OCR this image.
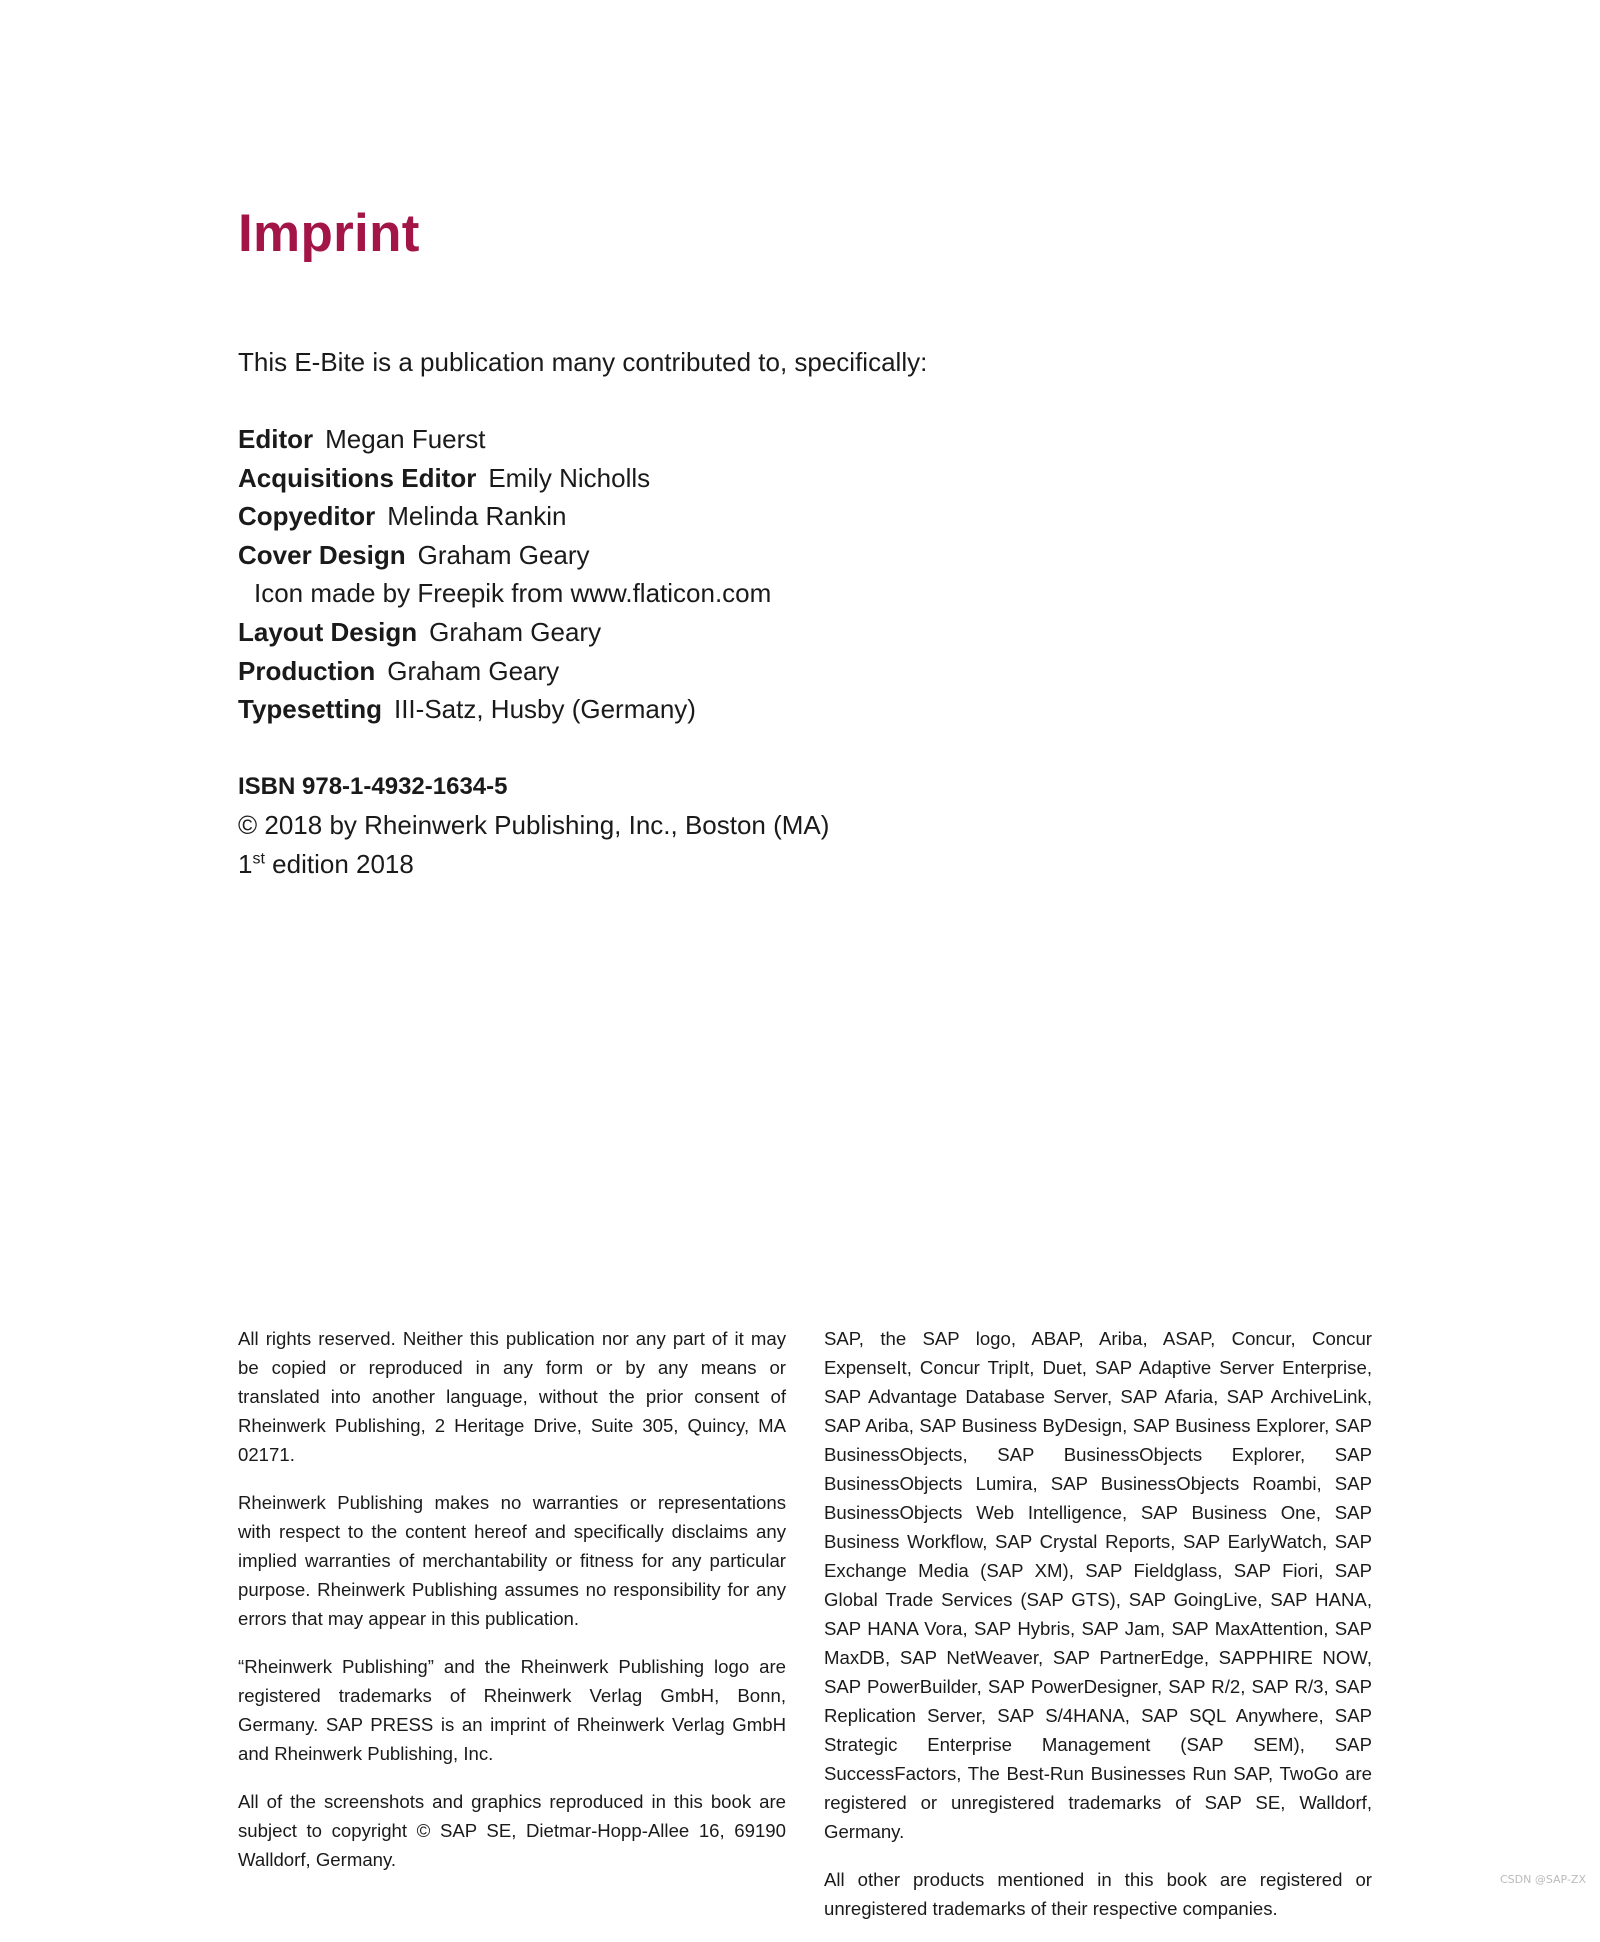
Imprint
This E-Bite is a publication many contributed to, specifically:
Editor Megan Fuerst
Acquisitions Editor Emily Nicholls
Copyeditor Melinda Rankin
Cover Design Graham Geary
Icon made by Freepik from www.flaticon.com
Layout Design Graham Geary
Production Graham Geary
Typesetting III-Satz, Husby (Germany)
ISBN 978-1-4932-1634-5
© 2018 by Rheinwerk Publishing, Inc., Boston (MA)
1st edition 2018

All rights reserved. Neither this publication nor any part of it may be copied or reproduced in any form or by any means or translated into another language, without the prior consent of Rheinwerk Publishing, 2 Heritage Drive, Suite 305, Quincy, MA 02171.

Rheinwerk Publishing makes no warranties or representations with respect to the content hereof and specifically disclaims any implied warranties of merchantability or fitness for any particular purpose. Rheinwerk Publishing assumes no responsibility for any errors that may appear in this publication.

“Rheinwerk Publishing” and the Rheinwerk Publishing logo are registered trademarks of Rheinwerk Verlag GmbH, Bonn, Germany. SAP PRESS is an imprint of Rheinwerk Verlag GmbH and Rheinwerk Publishing, Inc.

All of the screenshots and graphics reproduced in this book are subject to copyright © SAP SE, Dietmar-Hopp-Allee 16, 69190 Walldorf, Germany.

SAP, the SAP logo, ABAP, Ariba, ASAP, Concur, Concur ExpenseIt, Concur TripIt, Duet, SAP Adaptive Server Enterprise, SAP Advantage Database Server, SAP Afaria, SAP ArchiveLink, SAP Ariba, SAP Business ByDesign, SAP Business Explorer, SAP BusinessObjects, SAP BusinessObjects Explorer, SAP BusinessObjects Lumira, SAP BusinessObjects Roambi, SAP BusinessObjects Web Intelligence, SAP Business One, SAP Business Workflow, SAP Crystal Reports, SAP EarlyWatch, SAP Exchange Media (SAP XM), SAP Fieldglass, SAP Fiori, SAP Global Trade Services (SAP GTS), SAP GoingLive, SAP HANA, SAP HANA Vora, SAP Hybris, SAP Jam, SAP MaxAttention, SAP MaxDB, SAP NetWeaver, SAP PartnerEdge, SAPPHIRE NOW, SAP PowerBuilder, SAP PowerDesigner, SAP R/2, SAP R/3, SAP Replication Server, SAP S/4HANA, SAP SQL Anywhere, SAP Strategic Enterprise Management (SAP SEM), SAP SuccessFactors, The Best-Run Businesses Run SAP, TwoGo are registered or unregistered trademarks of SAP SE, Walldorf, Germany.

All other products mentioned in this book are registered or unregistered trademarks of their respective companies.

CSDN @SAP-ZX
